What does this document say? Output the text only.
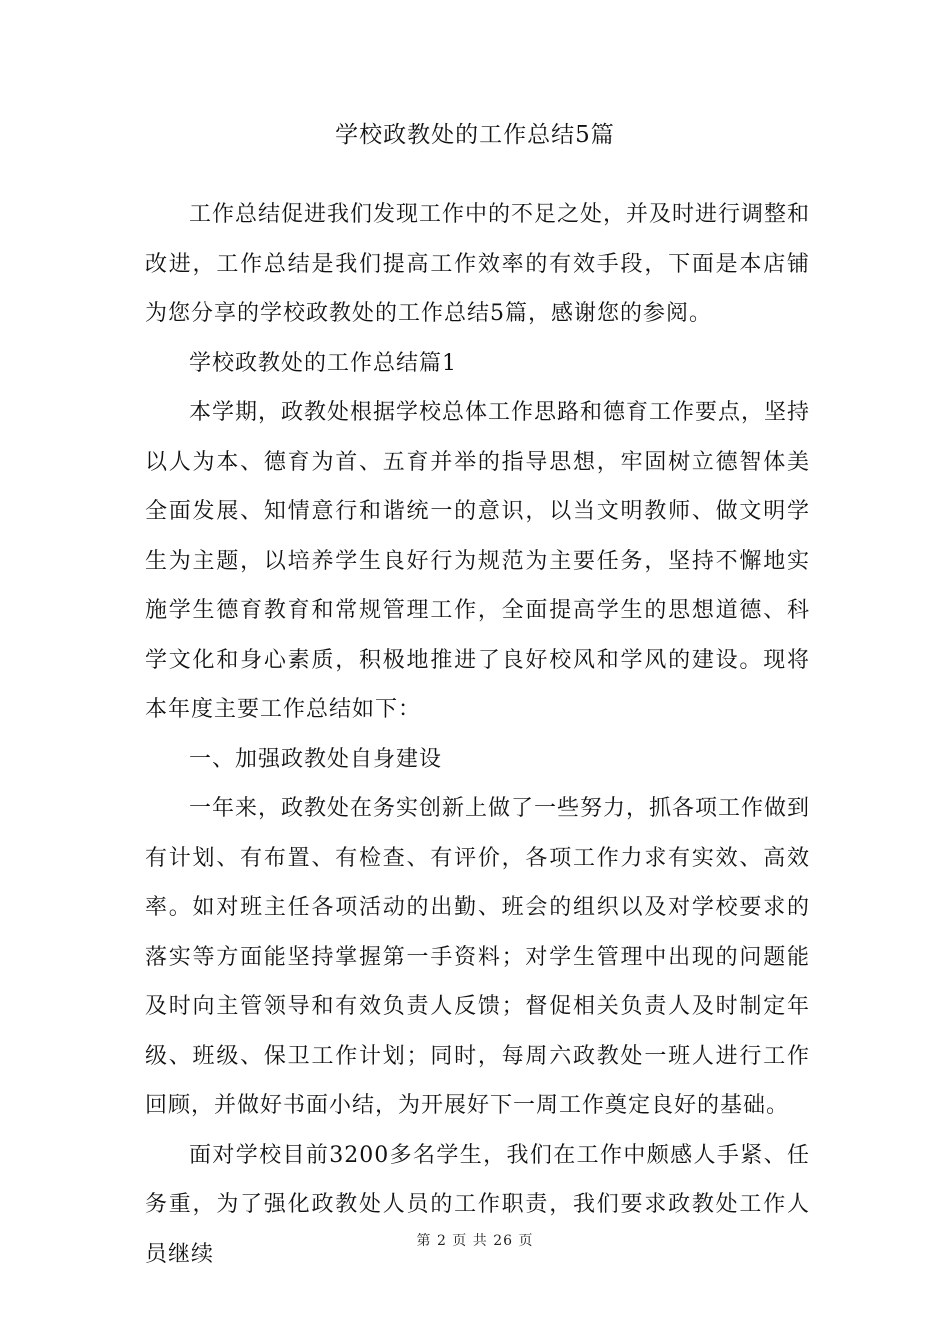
学校政教处的工作总结5篇

工作总结促进我们发现工作中的不足之处，并及时进行调整和改进，工作总结是我们提高工作效率的有效手段，下面是本店铺为您分享的学校政教处的工作总结5篇，感谢您的参阅。

学校政教处的工作总结篇1

本学期，政教处根据学校总体工作思路和德育工作要点，坚持以人为本、德育为首、五育并举的指导思想，牢固树立德智体美全面发展、知情意行和谐统一的意识，以当文明教师、做文明学生为主题，以培养学生良好行为规范为主要任务，坚持不懈地实施学生德育教育和常规管理工作，全面提高学生的思想道德、科学文化和身心素质，积极地推进了良好校风和学风的建设。现将本年度主要工作总结如下：

一、加强政教处自身建设

一年来，政教处在务实创新上做了一些努力，抓各项工作做到有计划、有布置、有检查、有评价，各项工作力求有实效、高效率。如对班主任各项活动的出勤、班会的组织以及对学校要求的落实等方面能坚持掌握第一手资料；对学生管理中出现的问题能及时向主管领导和有效负责人反馈；督促相关负责人及时制定年级、班级、保卫工作计划；同时，每周六政教处一班人进行工作回顾，并做好书面小结，为开展好下一周工作奠定良好的基础。

面对学校目前3200多名学生，我们在工作中颇感人手紧、任务重，为了强化政教处人员的工作职责，我们要求政教处工作人员继续

第 2 页 共 26 页
